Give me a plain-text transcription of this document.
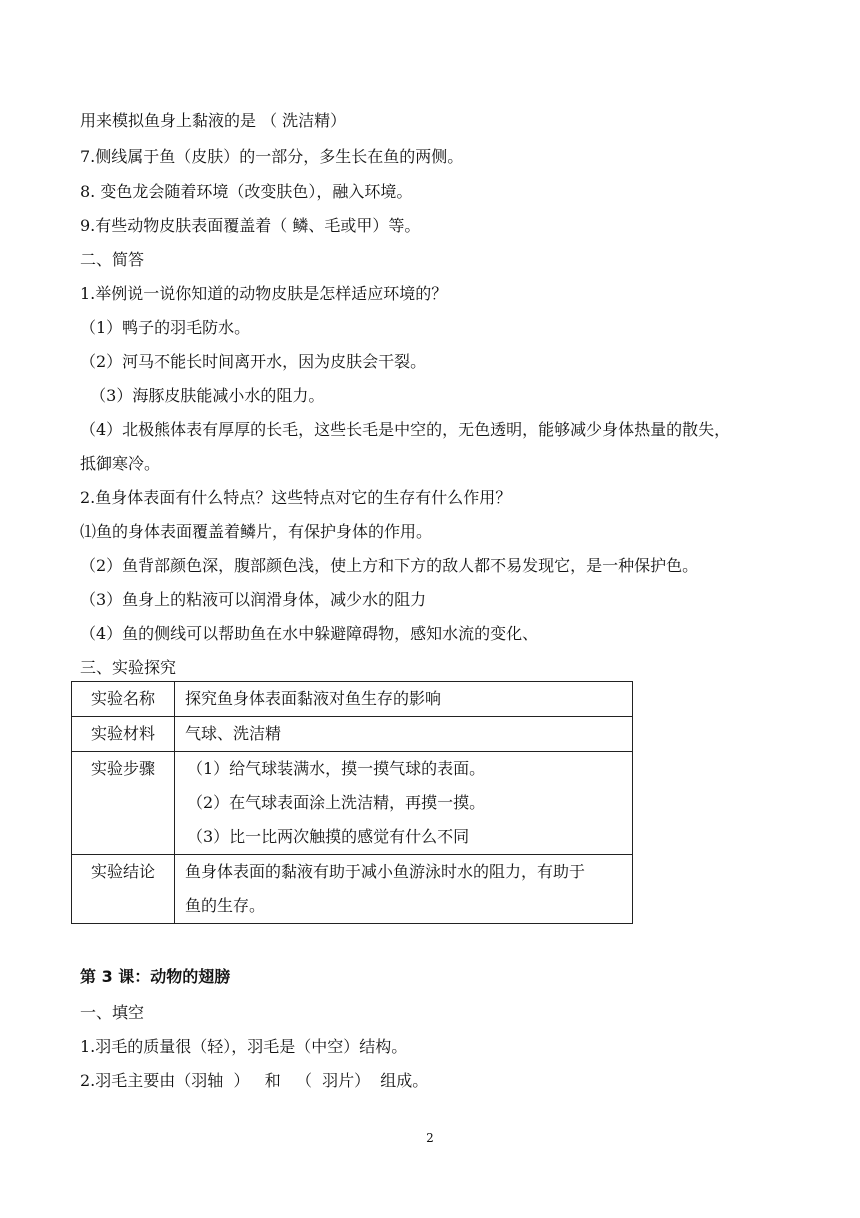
用来模拟鱼身上黏液的是 （ 洗洁精）
7.侧线属于鱼（皮肤）的一部分，多生长在鱼的两侧。
8. 变色龙会随着环境（改变肤色），融入环境。
9.有些动物皮肤表面覆盖着（ 鳞、毛或甲）等。
二、简答
1.举例说一说你知道的动物皮肤是怎样适应环境的？
（1）鸭子的羽毛防水。
（2）河马不能长时间离开水，因为皮肤会干裂。
（3）海豚皮肤能减小水的阻力。
（4）北极熊体表有厚厚的长毛，这些长毛是中空的，无色透明，能够减少身体热量的散失，
抵御寒冷。
2.鱼身体表面有什么特点？这些特点对它的生存有什么作用？
⑴鱼的身体表面覆盖着鳞片，有保护身体的作用。
（2）鱼背部颜色深，腹部颜色浅，使上方和下方的敌人都不易发现它，是一种保护色。
（3）鱼身上的粘液可以润滑身体，减少水的阻力
（4）鱼的侧线可以帮助鱼在水中躲避障碍物，感知水流的变化、
三、实验探究
实验名称	探究鱼身体表面黏液对鱼生存的影响

实验材料	气球、洗洁精

实验步骤	（1）给气球装满水，摸一摸气球的表面。
（2）在气球表面涂上洗洁精，再摸一摸。
（3）比一比两次触摸的感觉有什么不同

实验结论	鱼身体表面的黏液有助于减小鱼游泳时水的阻力，有助于
鱼的生存。
第 3 课：动物的翅膀
一、填空
1.羽毛的质量很（轻），羽毛是（中空）结构。
2.羽毛主要由（羽轴  ）   和   （  羽片）  组成。
2
